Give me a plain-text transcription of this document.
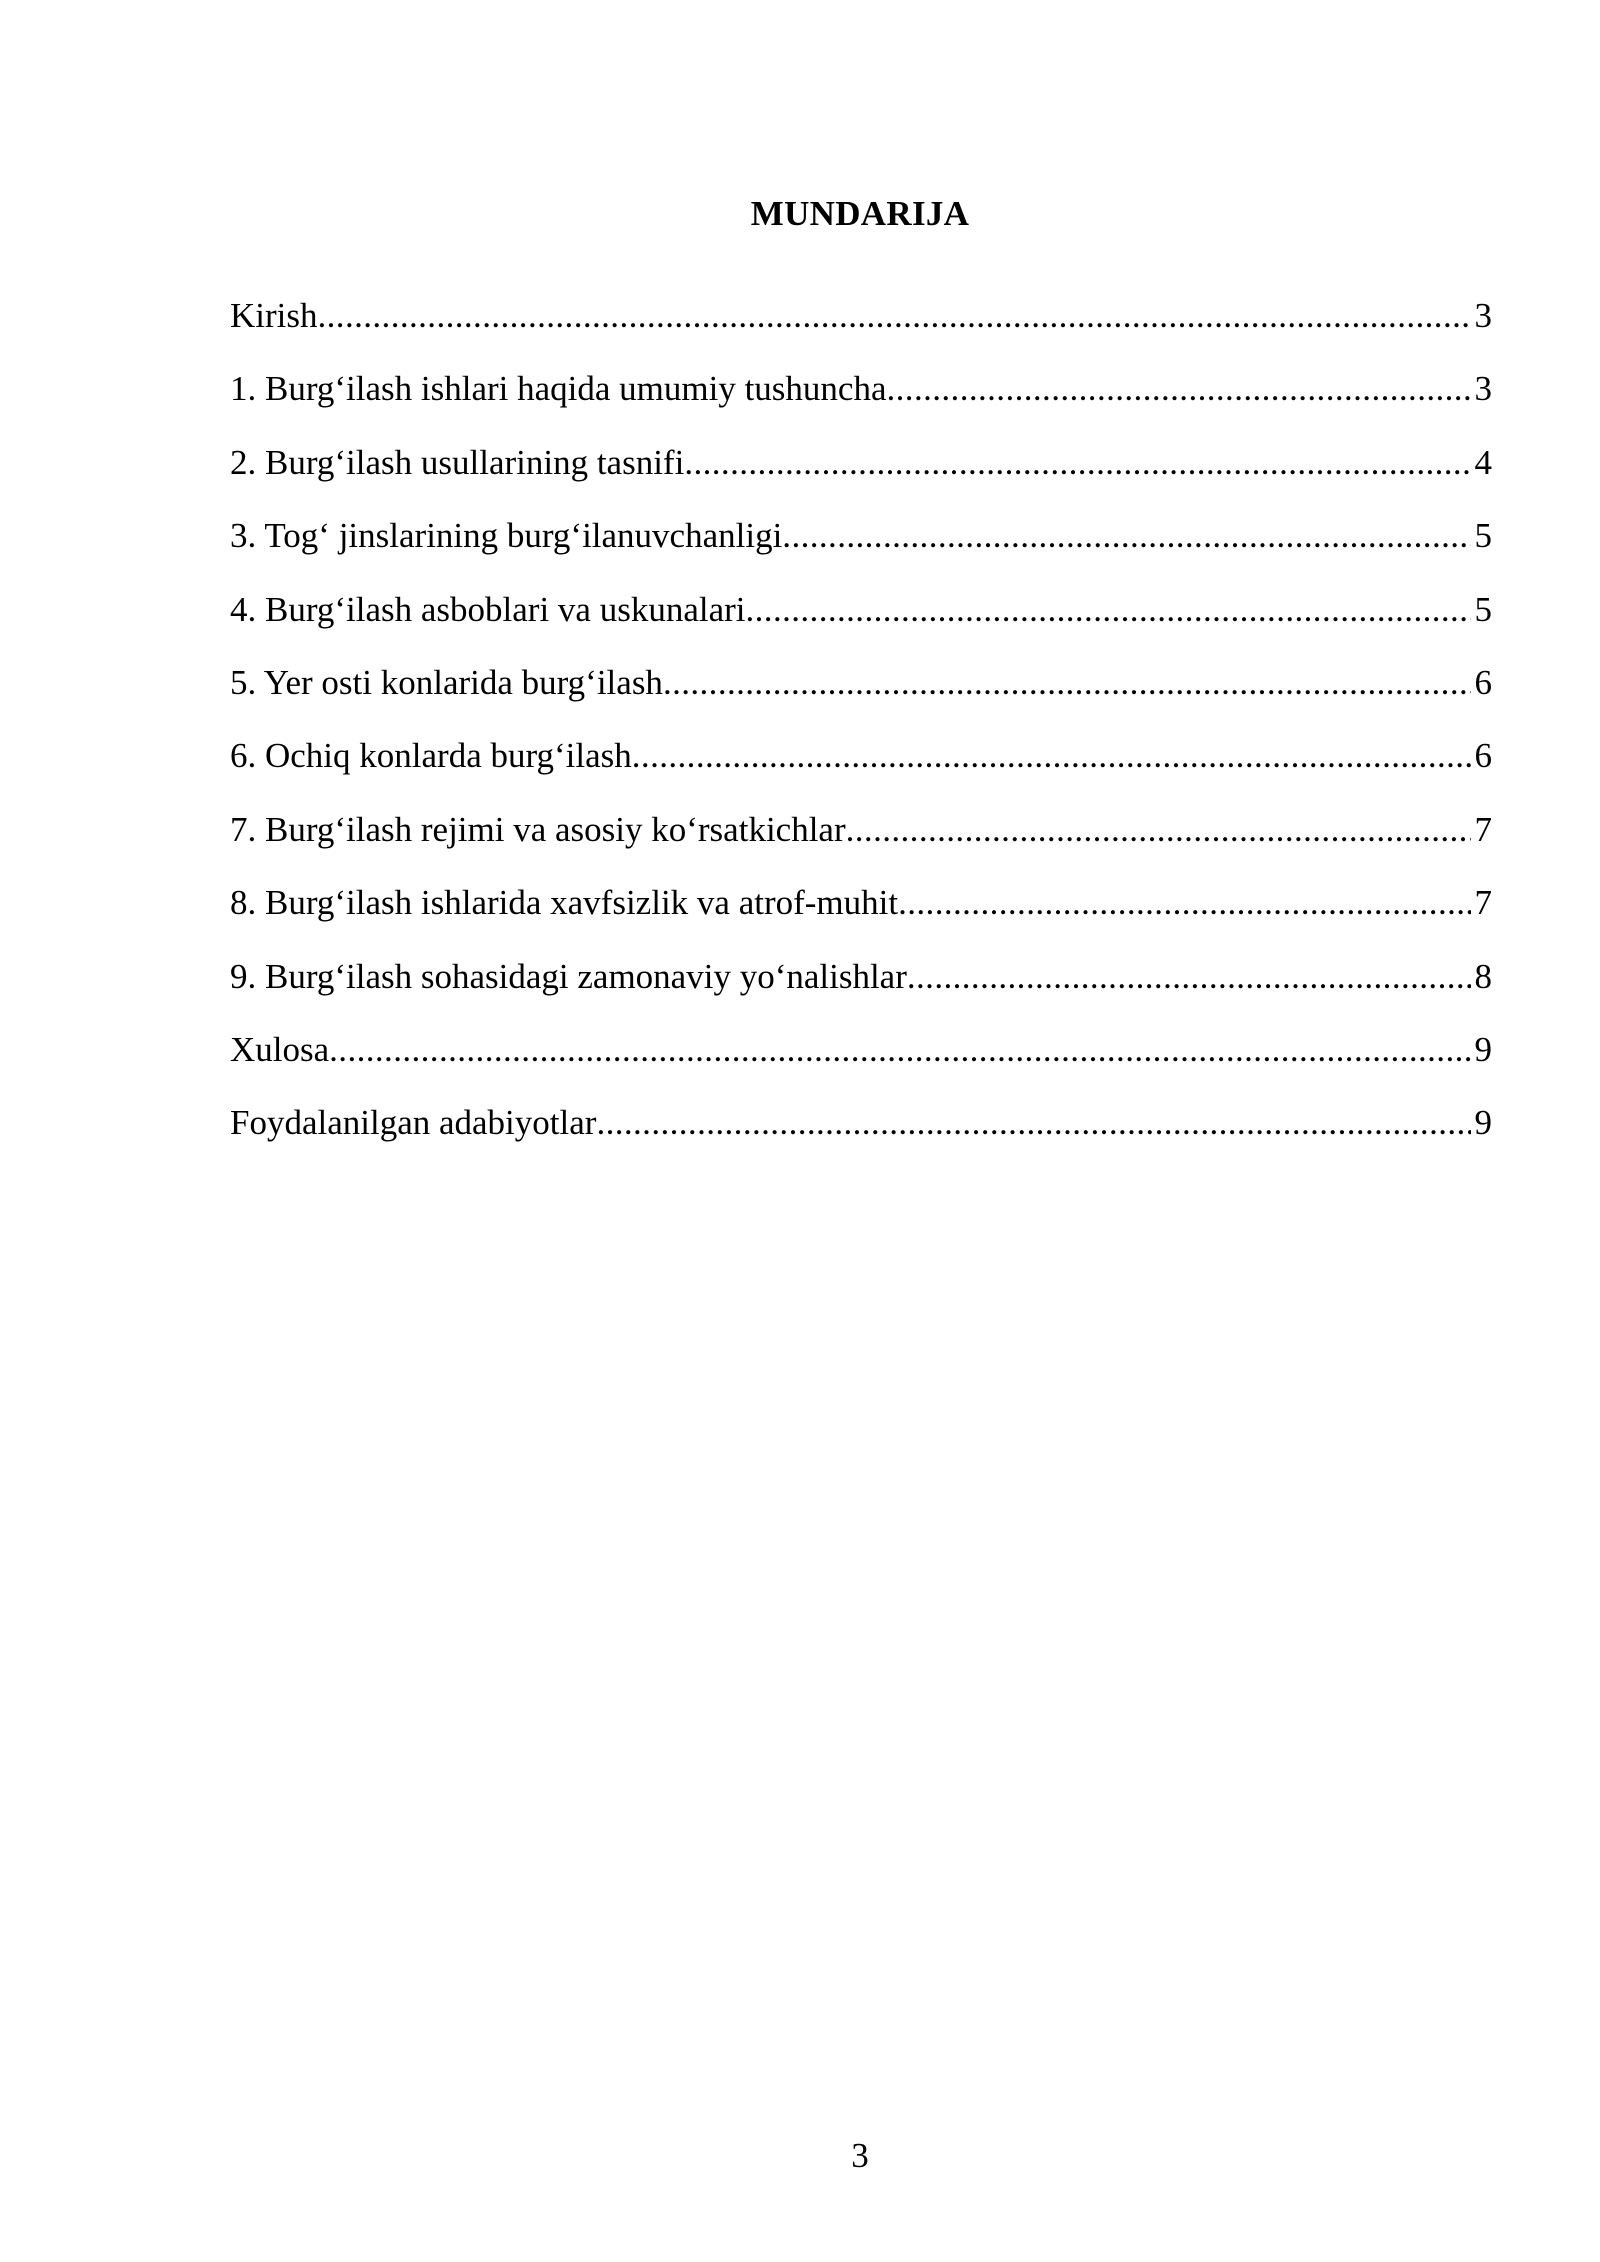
MUNDARIJA
Kirish .....	3
1. Burg‘ilash ishlari haqida umumiy tushuncha .....	3
2. Burg‘ilash usullarining tasnifi .....	4
3. Tog‘ jinslarining burg‘ilanuvchanligi .....	5
4. Burg‘ilash asboblari va uskunalari .....	5
5. Yer osti konlarida burg‘ilash .....	6
6. Ochiq konlarda burg‘ilash .....	6
7. Burg‘ilash rejimi va asosiy ko‘rsatkichlar .....	7
8. Burg‘ilash ishlarida xavfsizlik va atrof-muhit .....	7
9. Burg‘ilash sohasidagi zamonaviy yo‘nalishlar .....	8
Xulosa .....	9
Foydalanilgan adabiyotlar .....	9
3
